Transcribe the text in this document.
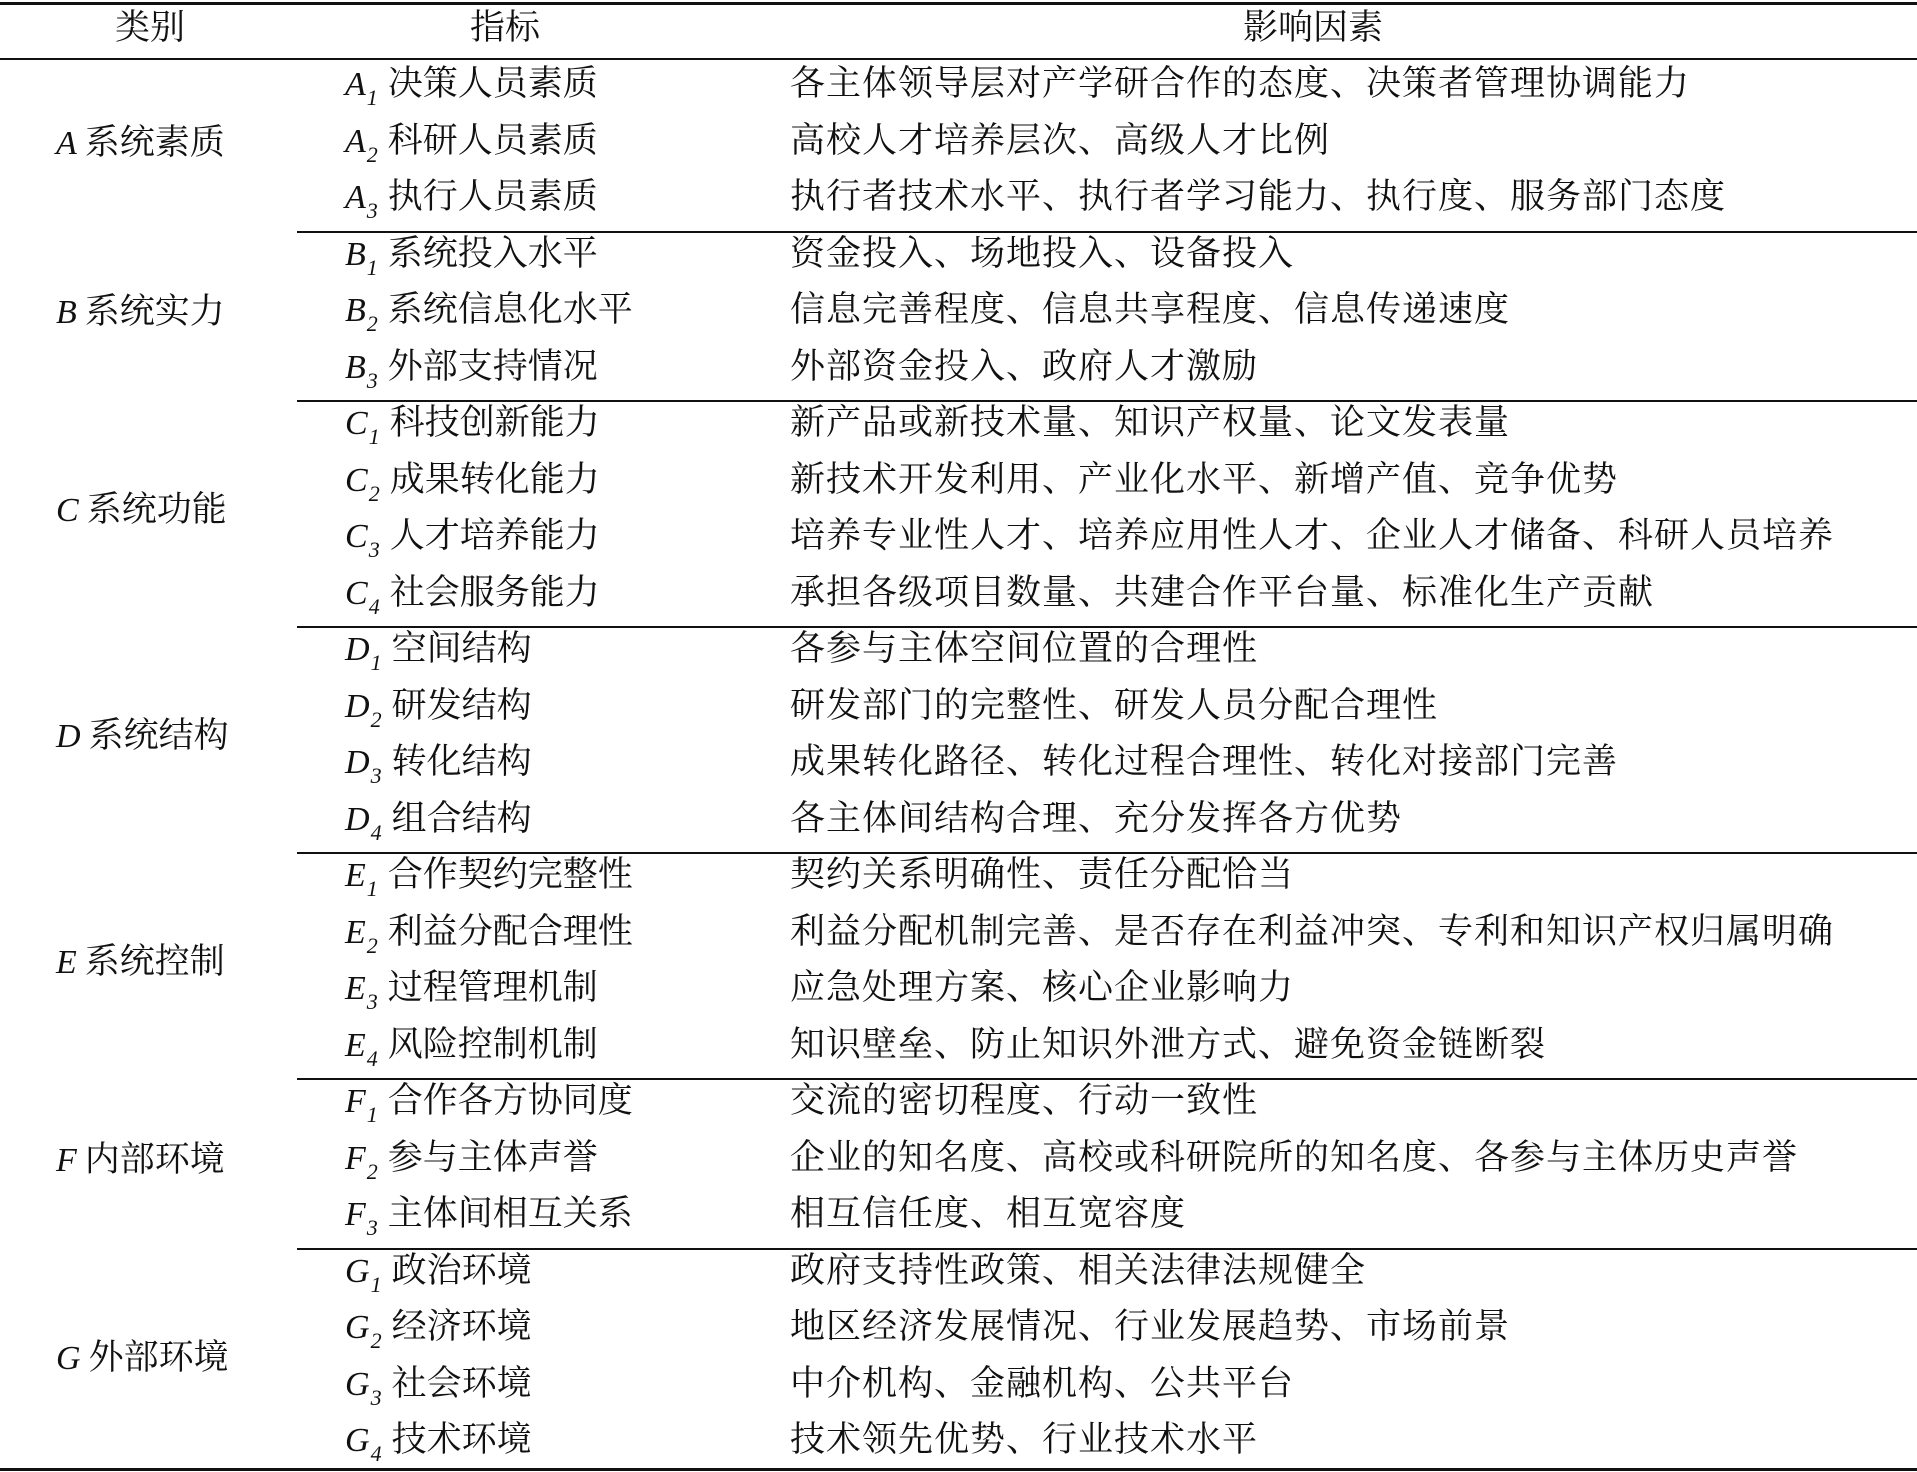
类别	指标	影响因素
A 系统素质
$A_1$ 决策人员素质	各主体领导层对产学研合作的态度、决策者管理协调能力
$A_2$ 科研人员素质	高校人才培养层次、高级人才比例
$A_3$ 执行人员素质	执行者技术水平、执行者学习能力、执行度、服务部门态度
B 系统实力
$B_1$ 系统投入水平	资金投入、场地投入、设备投入
$B_2$ 系统信息化水平	信息完善程度、信息共享程度、信息传递速度
$B_3$ 外部支持情况	外部资金投入、政府人才激励
C 系统功能
$C_1$ 科技创新能力	新产品或新技术量、知识产权量、论文发表量
$C_2$ 成果转化能力	新技术开发利用、产业化水平、新增产值、竞争优势
$C_3$ 人才培养能力	培养专业性人才、培养应用性人才、企业人才储备、科研人员培养
$C_4$ 社会服务能力	承担各级项目数量、共建合作平台量、标准化生产贡献
D 系统结构
$D_1$ 空间结构	各参与主体空间位置的合理性
$D_2$ 研发结构	研发部门的完整性、研发人员分配合理性
$D_3$ 转化结构	成果转化路径、转化过程合理性、转化对接部门完善
$D_4$ 组合结构	各主体间结构合理、充分发挥各方优势
E 系统控制
$E_1$ 合作契约完整性	契约关系明确性、责任分配恰当
$E_2$ 利益分配合理性	利益分配机制完善、是否存在利益冲突、专利和知识产权归属明确
$E_3$ 过程管理机制	应急处理方案、核心企业影响力
$E_4$ 风险控制机制	知识壁垒、防止知识外泄方式、避免资金链断裂
F 内部环境
$F_1$ 合作各方协同度	交流的密切程度、行动一致性
$F_2$ 参与主体声誉	企业的知名度、高校或科研院所的知名度、各参与主体历史声誉
$F_3$ 主体间相互关系	相互信任度、相互宽容度
G 外部环境
$G_1$ 政治环境	政府支持性政策、相关法律法规健全
$G_2$ 经济环境	地区经济发展情况、行业发展趋势、市场前景
$G_3$ 社会环境	中介机构、金融机构、公共平台
$G_4$ 技术环境	技术领先优势、行业技术水平
